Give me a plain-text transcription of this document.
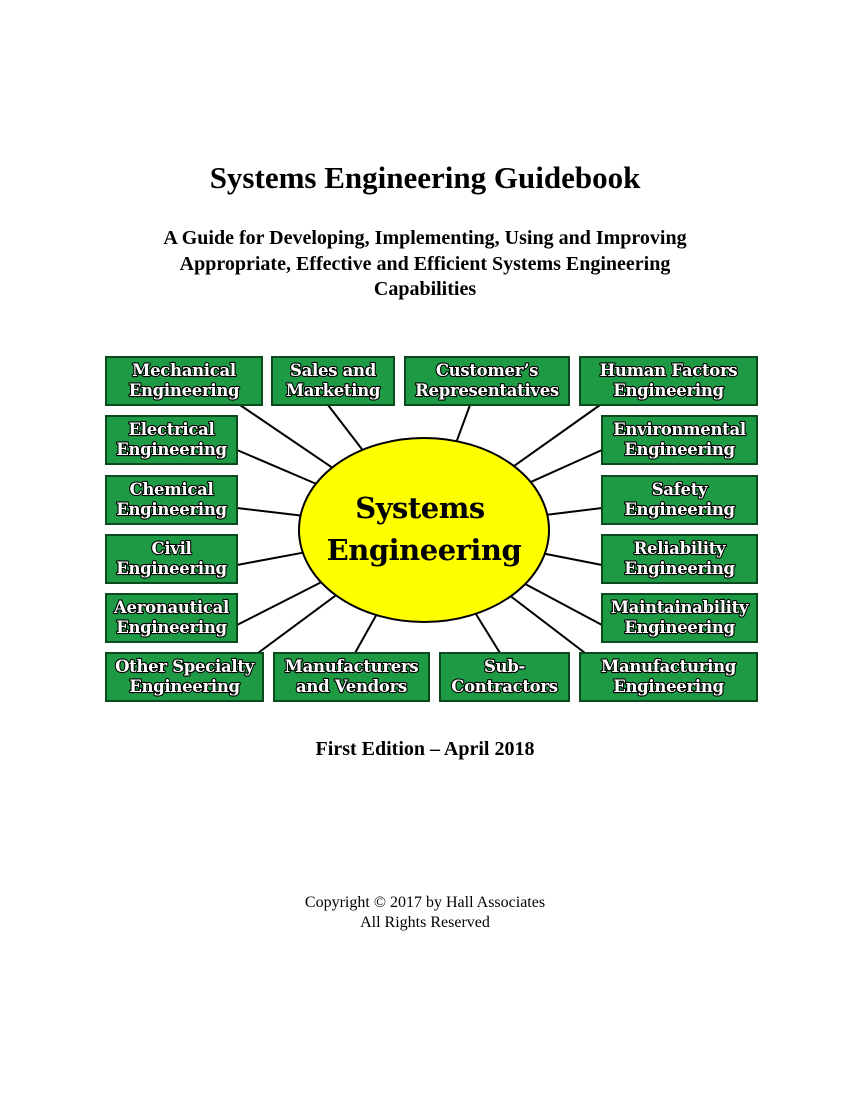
Systems Engineering Guidebook
A Guide for Developing, Implementing, Using and Improving
Appropriate, Effective and Efficient Systems Engineering
Capabilities
Systems
Engineering
Mechanical
Engineering
Sales and
Marketing
Customer’s
Representatives
Human Factors
Engineering
Electrical
Engineering
Environmental
Engineering
Chemical
Engineering
Safety
Engineering
Civil
Engineering
Reliability
Engineering
Aeronautical
Engineering
Maintainability
Engineering
Other Specialty
Engineering
Manufacturers
and Vendors
Sub-
Contractors
Manufacturing
Engineering
First Edition – April 2018
Copyright © 2017 by Hall Associates
All Rights Reserved
